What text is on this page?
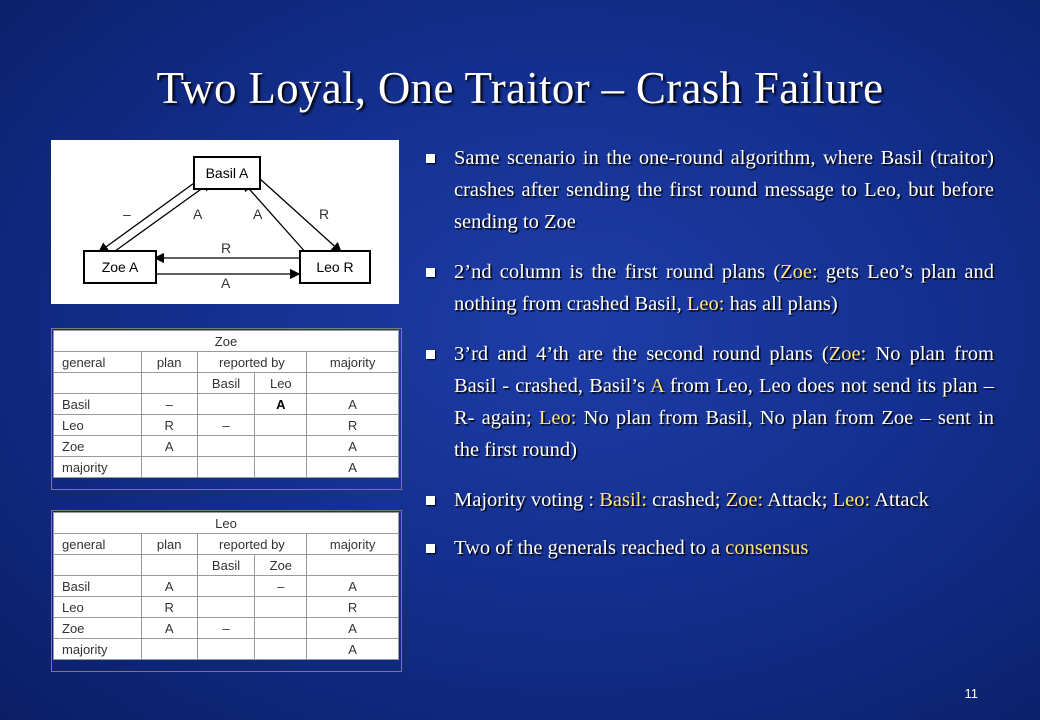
Two Loyal, One Traitor – Crash Failure
Basil A
Zoe A	Leo R
–	A	A	R
R
A
Zoe				
general	plan	reported by		majority
		Basil	Leo	
Basil	–		A	A
Leo	R	–		R
Zoe	A			A
majority				A
Leo				
general	plan	reported by		majority
		Basil	Zoe	
Basil	A		–	A
Leo	R			R
Zoe	A	–		A
majority				A
Same scenario in the one-round algorithm, where Basil (traitor) crashes after sending the first round message to Leo, but before sending to Zoe
2’nd column is the first round plans (Zoe: gets Leo’s plan and nothing from crashed Basil, Leo: has all plans)
3’rd and 4’th are the second round plans (Zoe: No plan from Basil - crashed, Basil’s A from Leo, Leo does not send its plan –R- again; Leo: No plan from Basil, No plan from Zoe – sent in the first round)
Majority voting : Basil: crashed; Zoe: Attack; Leo: Attack
Two of the generals reached to a consensus
11
